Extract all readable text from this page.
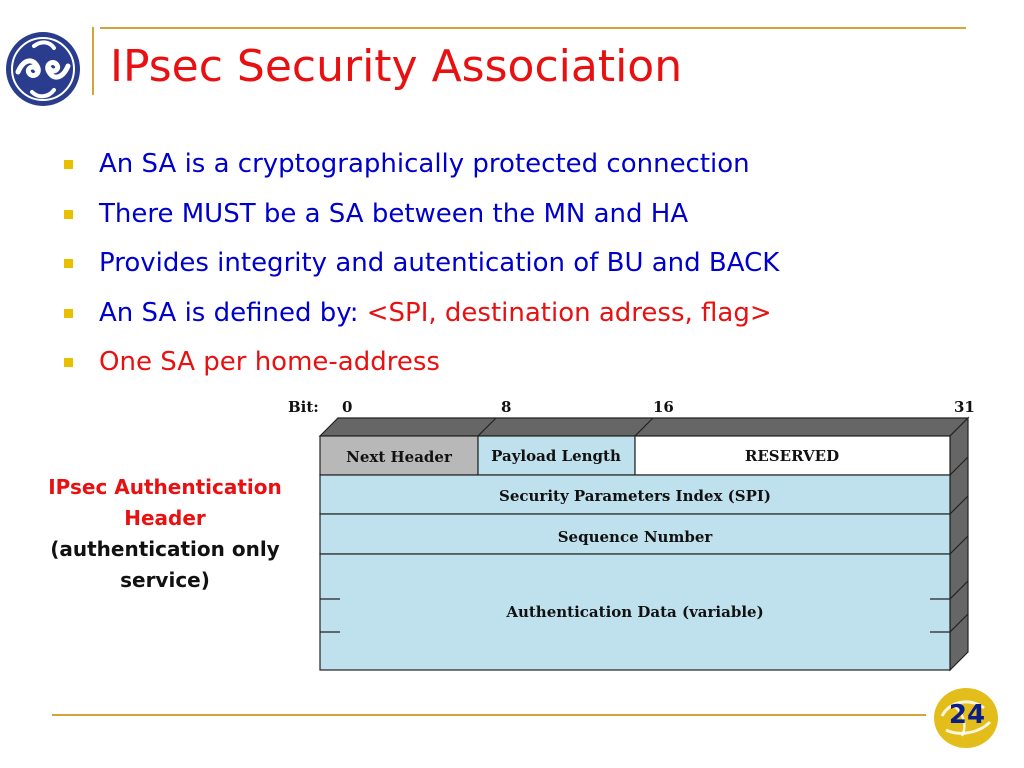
IPsec Security Association
An SA is a cryptographically protected connection
There MUST be a SA between the MN and HA
Provides integrity and autentication of BU and BACK
An SA is defined by: <SPI, destination adress, flag>
One SA per home-address
IPsec Authentication Header
(authentication only service)
Bit: 0	8	16	31
Next Header	Payload Length	RESERVED
Security Parameters Index (SPI)
Sequence Number
Authentication Data (variable)
24
